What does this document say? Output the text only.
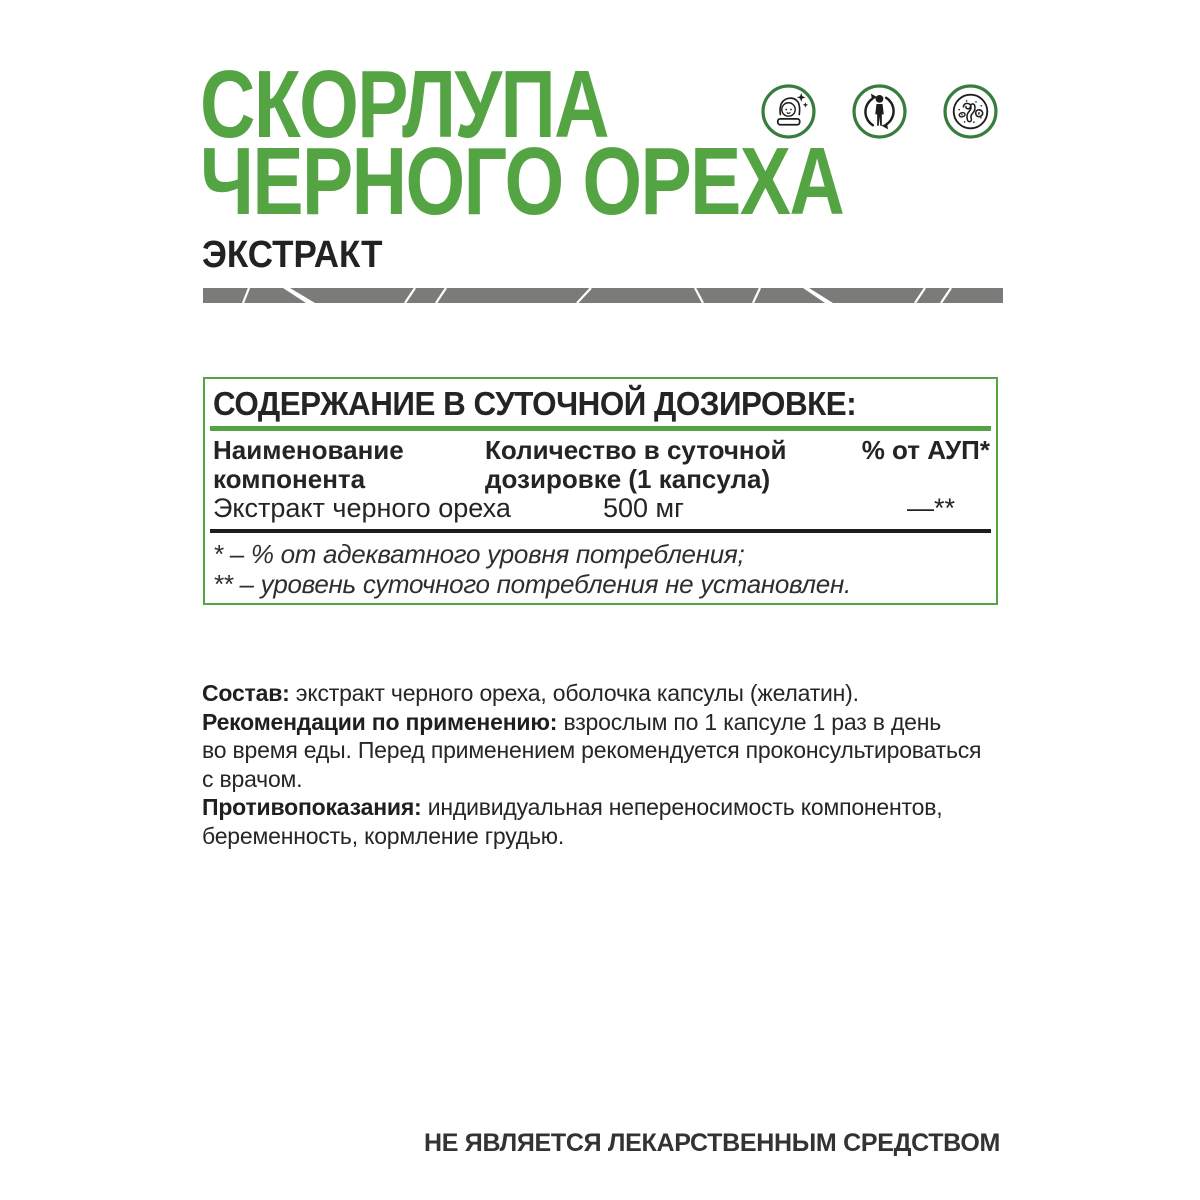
СКОРЛУПА
ЧЕРНОГО ОРЕХА
ЭКСТРАКТ
СОДЕРЖАНИЕ В СУТОЧНОЙ ДОЗИРОВКЕ:
Наименование компонента
Количество в суточной дозировке (1 капсула)
% от АУП*
Экстракт черного ореха	500 мг	—**
* – % от адекватного уровня потребления;
** – уровень суточного потребления не установлен.
Состав: экстракт черного ореха, оболочка капсулы (желатин).
Рекомендации по применению: взрослым по 1 капсуле 1 раз в день
во время еды. Перед применением рекомендуется проконсультироваться
с врачом.
Противопоказания: индивидуальная непереносимость компонентов,
беременность, кормление грудью.
НЕ ЯВЛЯЕТСЯ ЛЕКАРСТВЕННЫМ СРЕДСТВОМ
